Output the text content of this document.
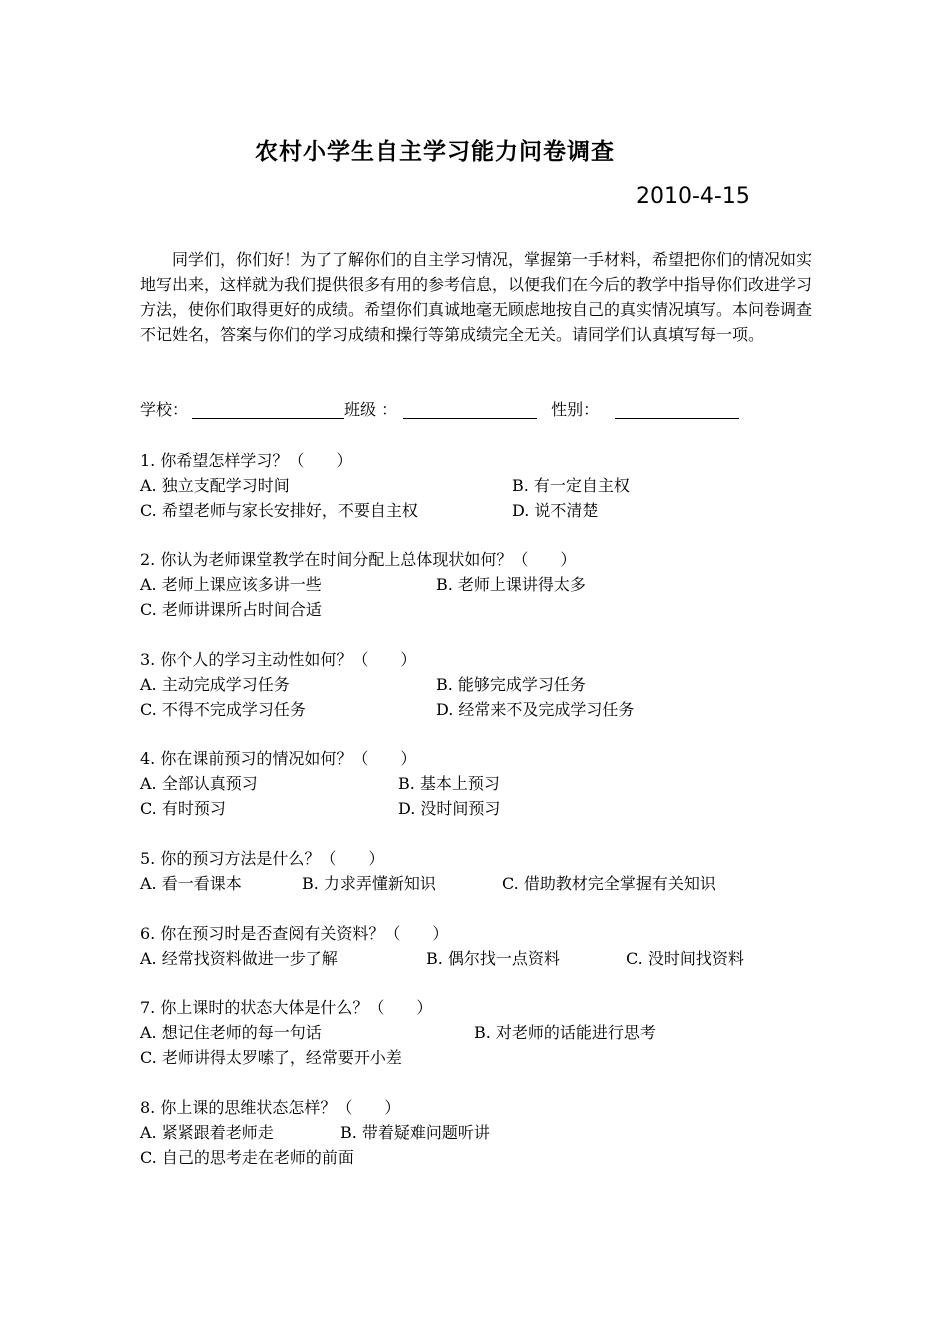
农村小学生自主学习能力问卷调查
2010-4-15
同学们，你们好！为了了解你们的自主学习情况，掌握第一手材料，希望把你们的情况如实地写出来，这样就为我们提供很多有用的参考信息，以便我们在今后的教学中指导你们改进学习方法，使你们取得更好的成绩。希望你们真诚地毫无顾虑地按自己的真实情况填写。本问卷调查不记姓名，答案与你们的学习成绩和操行等第成绩完全无关。请同学们认真填写每一项。
学校：	班级 ：	性别：
1. 你希望怎样学习？（　　）
A. 独立支配学习时间	B. 有一定自主权
C. 希望老师与家长安排好，不要自主权	D. 说不清楚
2. 你认为老师课堂教学在时间分配上总体现状如何？（　　）
A. 老师上课应该多讲一些	B. 老师上课讲得太多
C. 老师讲课所占时间合适
3. 你个人的学习主动性如何？（　　）
A. 主动完成学习任务	B. 能够完成学习任务
C. 不得不完成学习任务	D. 经常来不及完成学习任务
4. 你在课前预习的情况如何？（　　）
A. 全部认真预习	B. 基本上预习
C. 有时预习	D. 没时间预习
5. 你的预习方法是什么？（　　）
A. 看一看课本	B. 力求弄懂新知识	C. 借助教材完全掌握有关知识
6. 你在预习时是否查阅有关资料？（　　）
A. 经常找资料做进一步了解	B. 偶尔找一点资料	C. 没时间找资料
7. 你上课时的状态大体是什么？（　　）
A. 想记住老师的每一句话	B. 对老师的话能进行思考
C. 老师讲得太罗嗦了，经常要开小差
8. 你上课的思维状态怎样？（　　）
A. 紧紧跟着老师走	B. 带着疑难问题听讲
C. 自己的思考走在老师的前面
